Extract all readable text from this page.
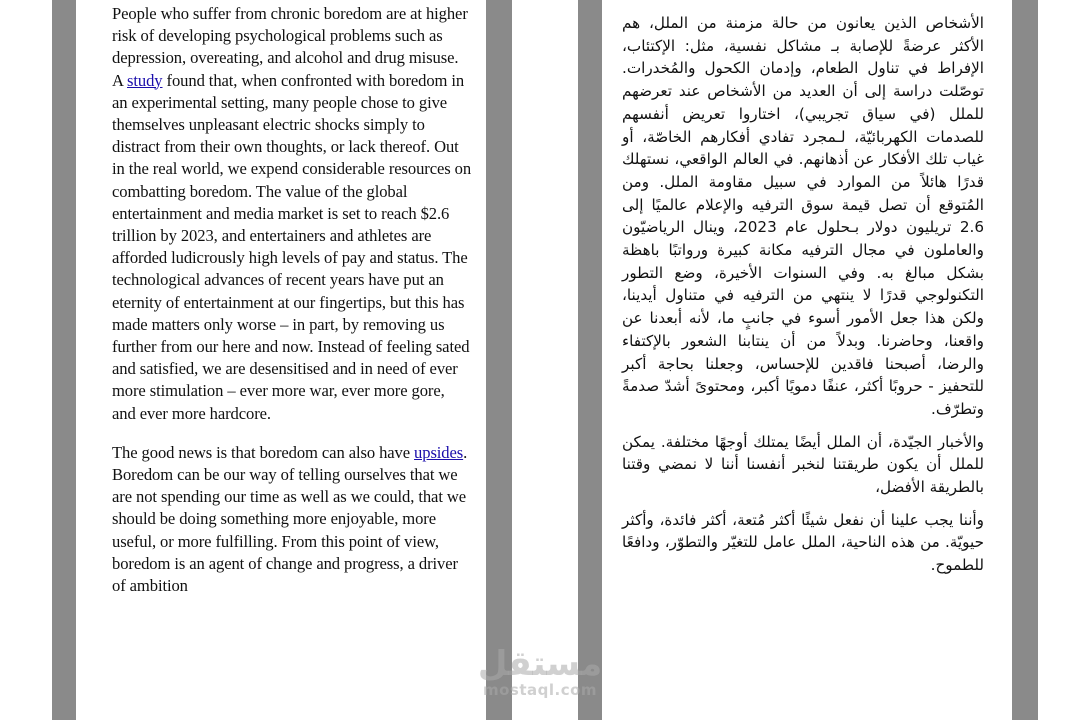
People who suffer from chronic boredom are at higher risk of developing psychological problems such as depression, overeating, and alcohol and drug misuse. A study found that, when confronted with boredom in an experimental setting, many people chose to give themselves unpleasant electric shocks simply to distract from their own thoughts, or lack thereof. Out in the real world, we expend considerable resources on combatting boredom. The value of the global entertainment and media market is set to reach $2.6 trillion by 2023, and entertainers and athletes are afforded ludicrously high levels of pay and status. The technological advances of recent years have put an eternity of entertainment at our fingertips, but this has made matters only worse – in part, by removing us further from our here and now. Instead of feeling sated and satisfied, we are desensitised and in need of ever more stimulation – ever more war, ever more gore, and ever more hardcore.

The good news is that boredom can also have upsides. Boredom can be our way of telling ourselves that we are not spending our time as well as we could, that we should be doing something more enjoyable, more useful, or more fulfilling. From this point of view, boredom is an agent of change and progress, a driver of ambition

الأشخاص الذين يعانون من حالة مزمنة من الملل، هم الأكثر عرضةً للإصابة بـ مشاكل نفسية، مثل: الإكتئاب، الإفراط في تناول الطعام، وإدمان الكحول والمُخدرات. توصّلت دراسة إلى أن العديد من الأشخاص عند تعرضهم للملل (في سياق تجريبي)، اختاروا تعريض أنفسهم للصدمات الكهربائيّة، لـمجرد تفادي أفكارهم الخاصّة، أو غياب تلك الأفكار عن أذهانهم. في العالم الواقعي، نستهلك قدرًا هائلاً من الموارد في سبيل مقاومة الملل. ومن المُتوقع أن تصل قيمة سوق الترفيه والإعلام عالميًا إلى 2.6 تريليون دولار بـحلول عام 2023، وينال الرياضيّون والعاملون في مجال الترفيه مكانة كبيرة ورواتبًا باهظة بشكل مبالغ به. وفي السنوات الأخيرة، وضع التطور التكنولوجي قدرًا لا ينتهي من الترفيه في متناول أيدينا، ولكن هذا جعل الأمور أسوء في جانبٍ ما، لأنه أبعدنا عن واقعنا، وحاضرنا. وبدلاً من أن ينتابنا الشعور بالإكتفاء والرضا، أصبحنا فاقدين للإحساس، وجعلنا بحاجة أكبر للتحفيز - حروبًا أكثر، عنفًا دمويًا أكبر، ومحتوىً أشدّ صدمةً وتطرّف.

والأخبار الجيّدة، أن الملل أيضًا يمتلك أوجهًا مختلفة. يمكن للملل أن يكون طريقتنا لنخبر أنفسنا أننا لا نمضي وقتنا بالطريقة الأفضل،

وأننا يجب علينا أن نفعل شيئًا أكثر مُتعة، أكثر فائدة، وأكثر حيويّة. من هذه الناحية، الملل عامل للتغيّر والتطوّر، ودافعًا للطموح.

مستقل
mostaql.com
